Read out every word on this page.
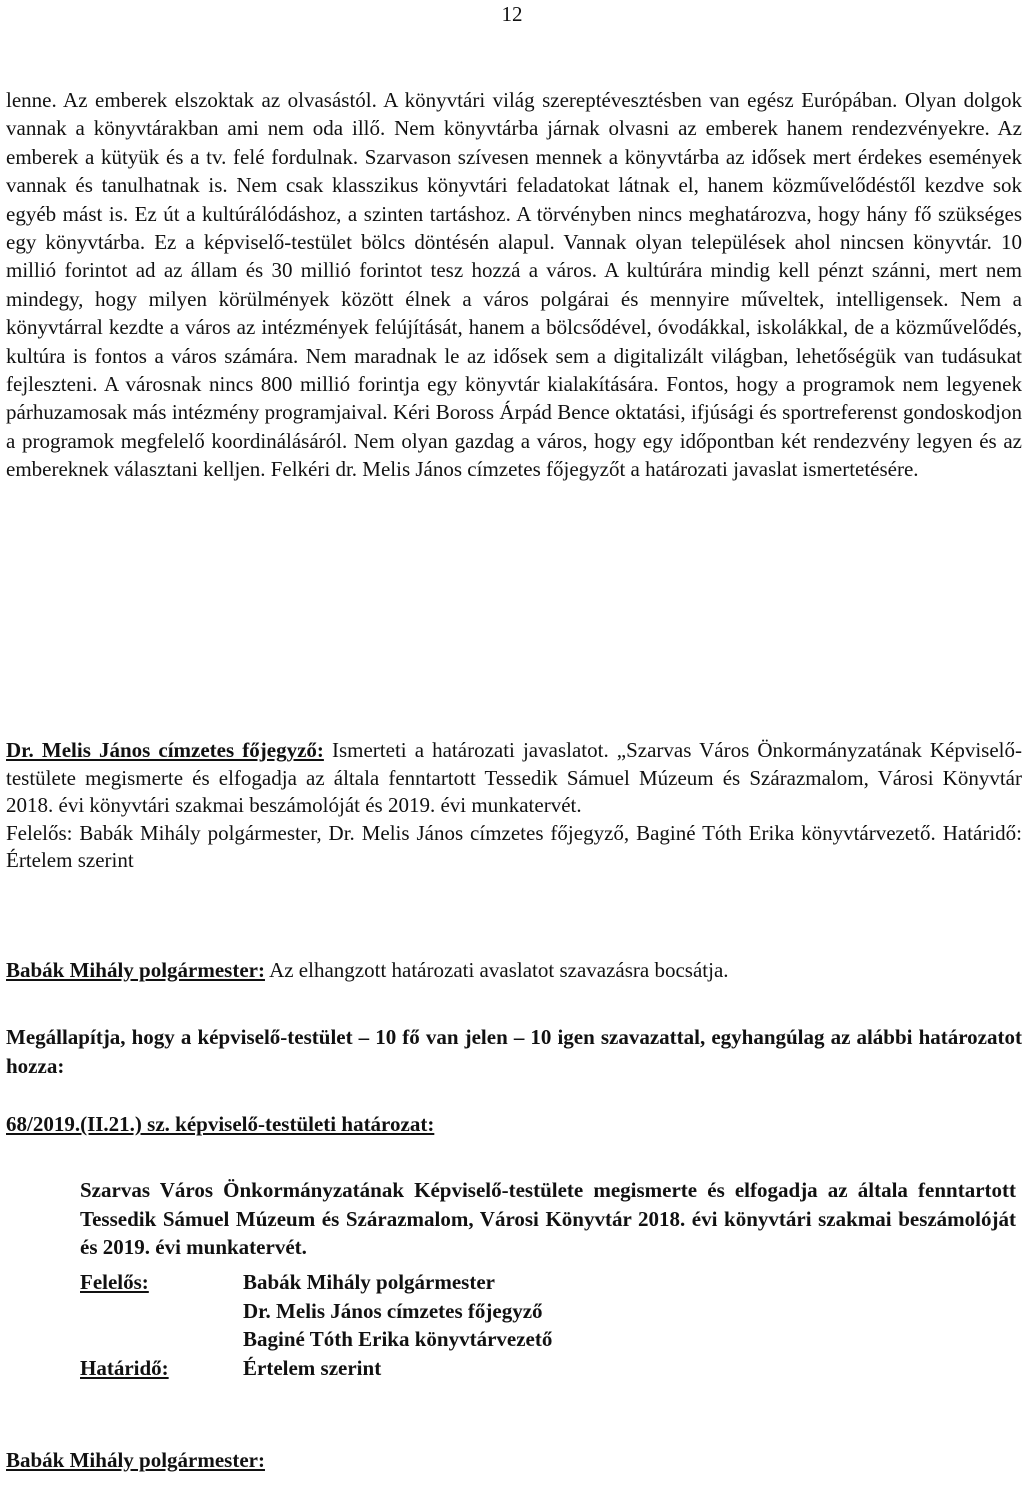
12

lenne. Az emberek elszoktak az olvasástól. A könyvtári világ szereptévesztésben van egész Európában. Olyan dolgok vannak a könyvtárakban ami nem oda illő. Nem könyvtárba járnak olvasni az emberek hanem rendezvényekre. Az emberek a kütyük és a tv. felé fordulnak. Szarvason szívesen mennek a könyvtárba az idősek mert érdekes események vannak és tanulhatnak is. Nem csak klasszikus könyvtári feladatokat látnak el, hanem közművelődéstől kezdve sok egyéb mást is. Ez út a kultúrálódáshoz, a szinten tartáshoz. A törvényben nincs meghatározva, hogy hány fő szükséges egy könyvtárba. Ez a képviselő-testület bölcs döntésén alapul. Vannak olyan települések ahol nincsen könyvtár. 10 millió forintot ad az állam és 30 millió forintot tesz hozzá a város. A kultúrára mindig kell pénzt szánni, mert nem mindegy, hogy milyen körülmények között élnek a város polgárai és mennyire műveltek, intelligensek. Nem a könyvtárral kezdte a város az intézmények felújítását, hanem a bölcsődével, óvodákkal, iskolákkal, de a közművelődés, kultúra is fontos a város számára. Nem maradnak le az idősek sem a digitalizált világban, lehetőségük van tudásukat fejleszteni. A városnak nincs 800 millió forintja egy könyvtár kialakítására. Fontos, hogy a programok nem legyenek párhuzamosak más intézmény programjaival. Kéri Boross Árpád Bence oktatási, ifjúsági és sportreferenst gondoskodjon a programok megfelelő koordinálásáról. Nem olyan gazdag a város, hogy egy időpontban két rendezvény legyen és az embereknek választani kelljen. Felkéri dr. Melis János címzetes főjegyzőt a határozati javaslat ismertetésére.

Dr. Melis János címzetes főjegyző: Ismerteti a határozati javaslatot. „Szarvas Város Önkormányzatának Képviselő-testülete megismerte és elfogadja az általa fenntartott Tessedik Sámuel Múzeum és Szárazmalom, Városi Könyvtár 2018. évi könyvtári szakmai beszámolóját és 2019. évi munkatervét.
Felelős: Babák Mihály polgármester, Dr. Melis János címzetes főjegyző, Baginé Tóth Erika könyvtárvezető. Határidő: Értelem szerint

Babák Mihály polgármester: Az elhangzott határozati avaslatot szavazásra bocsátja.

Megállapítja, hogy a képviselő-testület – 10 fő van jelen – 10 igen szavazattal, egyhangúlag az alábbi határozatot hozza:

68/2019.(II.21.) sz. képviselő-testületi határozat:

Szarvas Város Önkormányzatának Képviselő-testülete megismerte és elfogadja az általa fenntartott Tessedik Sámuel Múzeum és Szárazmalom, Városi Könyvtár 2018. évi könyvtári szakmai beszámolóját és 2019. évi munkatervét.
Felelős:	Babák Mihály polgármester
Dr. Melis János címzetes főjegyző
Baginé Tóth Erika könyvtárvezető
Határidő:	Értelem szerint
Babák Mihály polgármester:
